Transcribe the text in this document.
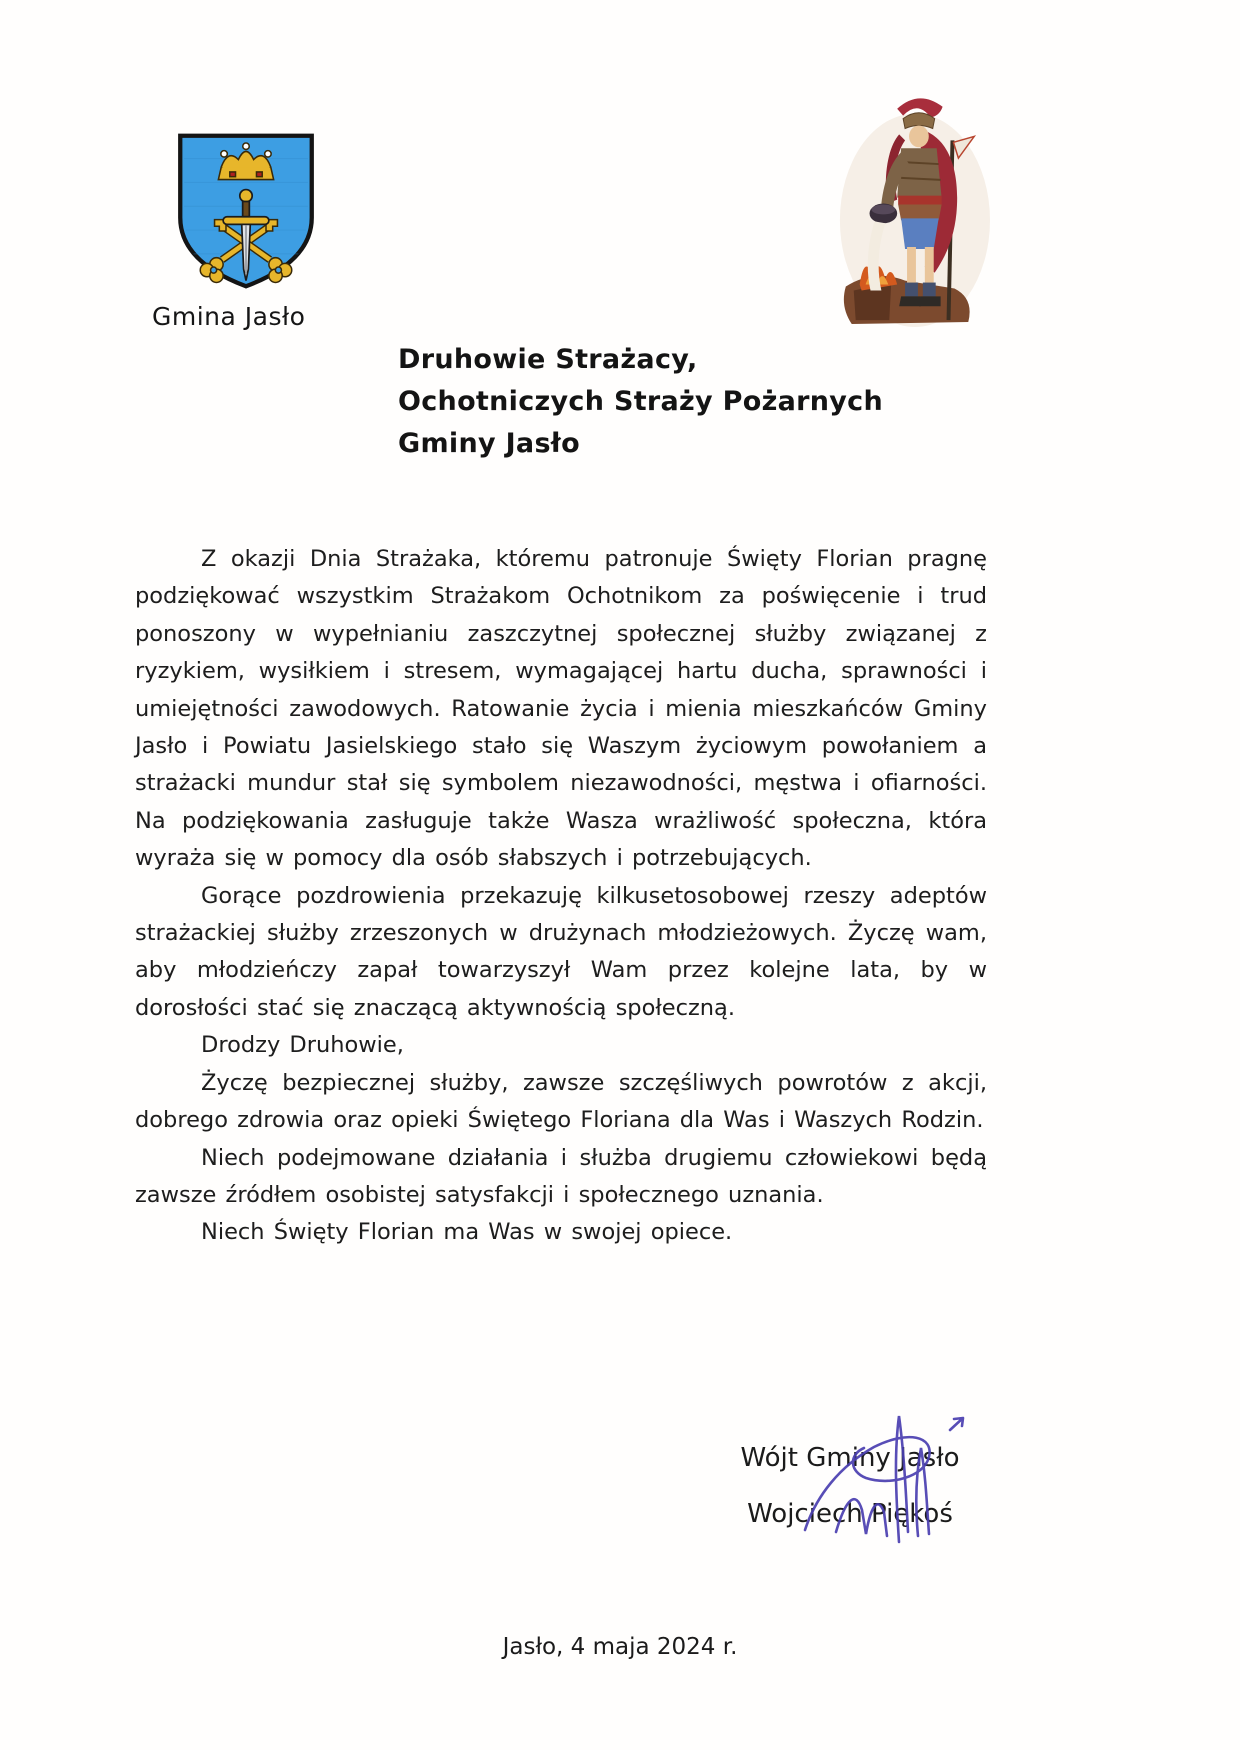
Gmina Jasło
Druhowie Strażacy,
Ochotniczych Straży Pożarnych
Gminy Jasło

Z okazji Dnia Strażaka, któremu patronuje Święty Florian pragnę podziękować wszystkim Strażakom Ochotnikom za poświęcenie i trud ponoszony w wypełnianiu zaszczytnej społecznej służby związanej z ryzykiem, wysiłkiem i stresem, wymagającej hartu ducha, sprawności i umiejętności zawodowych. Ratowanie życia i mienia mieszkańców Gminy Jasło i Powiatu Jasielskiego stało się Waszym życiowym powołaniem a strażacki mundur stał się symbolem niezawodności, męstwa i ofiarności. Na podziękowania zasługuje także Wasza wrażliwość społeczna, która wyraża się w pomocy dla osób słabszych i potrzebujących.

Gorące pozdrowienia przekazuję kilkusetosobowej rzeszy adeptów strażackiej służby zrzeszonych w drużynach młodzieżowych. Życzę wam, aby młodzieńczy zapał towarzyszył Wam przez kolejne lata, by w dorosłości stać się znaczącą aktywnością społeczną.

Drodzy Druhowie,

Życzę bezpiecznej służby, zawsze szczęśliwych powrotów z akcji, dobrego zdrowia oraz opieki Świętego Floriana dla Was i Waszych Rodzin.

Niech podejmowane działania i służba drugiemu człowiekowi będą zawsze źródłem osobistej satysfakcji i społecznego uznania.

Niech Święty Florian ma Was w swojej opiece.

Wójt Gminy Jasło
Wojciech Piękoś
Jasło, 4 maja 2024 r.
